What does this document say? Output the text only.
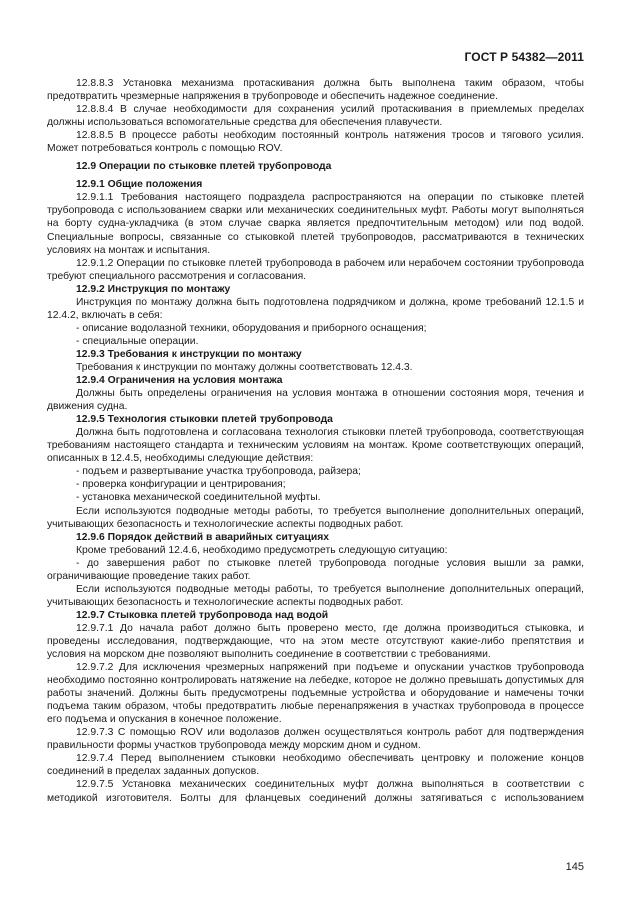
ГОСТ Р 54382—2011

12.8.8.3 Установка механизма протаскивания должна быть выполнена таким образом, чтобы предотвратить чрезмерные напряжения в трубопроводе и обеспечить надежное соединение.

12.8.8.4 В случае необходимости для сохранения усилий протаскивания в приемлемых пределах должны использоваться вспомогательные средства для обеспечения плавучести.

12.8.8.5 В процессе работы необходим постоянный контроль натяжения тросов и тягового усилия. Может потребоваться контроль с помощью ROV.

12.9 Операции по стыковке плетей трубопровода

12.9.1 Общие положения

12.9.1.1 Требования настоящего подраздела распространяются на операции по стыковке плетей трубопровода с использованием сварки или механических соединительных муфт. Работы могут выполняться на борту судна-укладчика (в этом случае сварка является предпочтительным методом) или под водой. Специальные вопросы, связанные со стыковкой плетей трубопроводов, рассматриваются в технических условиях на монтаж и испытания.

12.9.1.2 Операции по стыковке плетей трубопровода в рабочем или нерабочем состоянии трубопровода требуют специального рассмотрения и согласования.

12.9.2 Инструкция по монтажу

Инструкция по монтажу должна быть подготовлена подрядчиком и должна, кроме требований 12.1.5 и 12.4.2, включать в себя:

- описание водолазной техники, оборудования и приборного оснащения;

- специальные операции.

12.9.3 Требования к инструкции по монтажу

Требования к инструкции по монтажу должны соответствовать 12.4.3.

12.9.4 Ограничения на условия монтажа

Должны быть определены ограничения на условия монтажа в отношении состояния моря, течения и движения судна.

12.9.5 Технология стыковки плетей трубопровода

Должна быть подготовлена и согласована технология стыковки плетей трубопровода, соответствующая требованиям настоящего стандарта и техническим условиям на монтаж. Кроме соответствующих операций, описанных в 12.4.5, необходимы следующие действия:

- подъем и развертывание участка трубопровода, райзера;

- проверка конфигурации и центрирования;

- установка механической соединительной муфты.

Если используются подводные методы работы, то требуется выполнение дополнительных операций, учитывающих безопасность и технологические аспекты подводных работ.

12.9.6 Порядок действий в аварийных ситуациях

Кроме требований 12.4.6, необходимо предусмотреть следующую ситуацию:

- до завершения работ по стыковке плетей трубопровода погодные условия вышли за рамки, ограничивающие проведение таких работ.

Если используются подводные методы работы, то требуется выполнение дополнительных операций, учитывающих безопасность и технологические аспекты подводных работ.

12.9.7 Стыковка плетей трубопровода над водой

12.9.7.1 До начала работ должно быть проверено место, где должна производиться стыковка, и проведены исследования, подтверждающие, что на этом месте отсутствуют какие-либо препятствия и условия на морском дне позволяют выполнить соединение в соответствии с требованиями.

12.9.7.2 Для исключения чрезмерных напряжений при подъеме и опускании участков трубопровода необходимо постоянно контролировать натяжение на лебедке, которое не должно превышать допустимых для работы значений. Должны быть предусмотрены подъемные устройства и оборудование и намечены точки подъема таким образом, чтобы предотвратить любые перенапряжения в участках трубопровода в процессе его подъема и опускания в конечное положение.

12.9.7.3 С помощью ROV или водолазов должен осуществляться контроль работ для подтверждения правильности формы участков трубопровода между морским дном и судном.

12.9.7.4 Перед выполнением стыковки необходимо обеспечивать центровку и положение концов соединений в пределах заданных допусков.

12.9.7.5 Установка механических соединительных муфт должна выполняться в соответствии с методикой изготовителя. Болты для фланцевых соединений должны затягиваться с использованием

145
